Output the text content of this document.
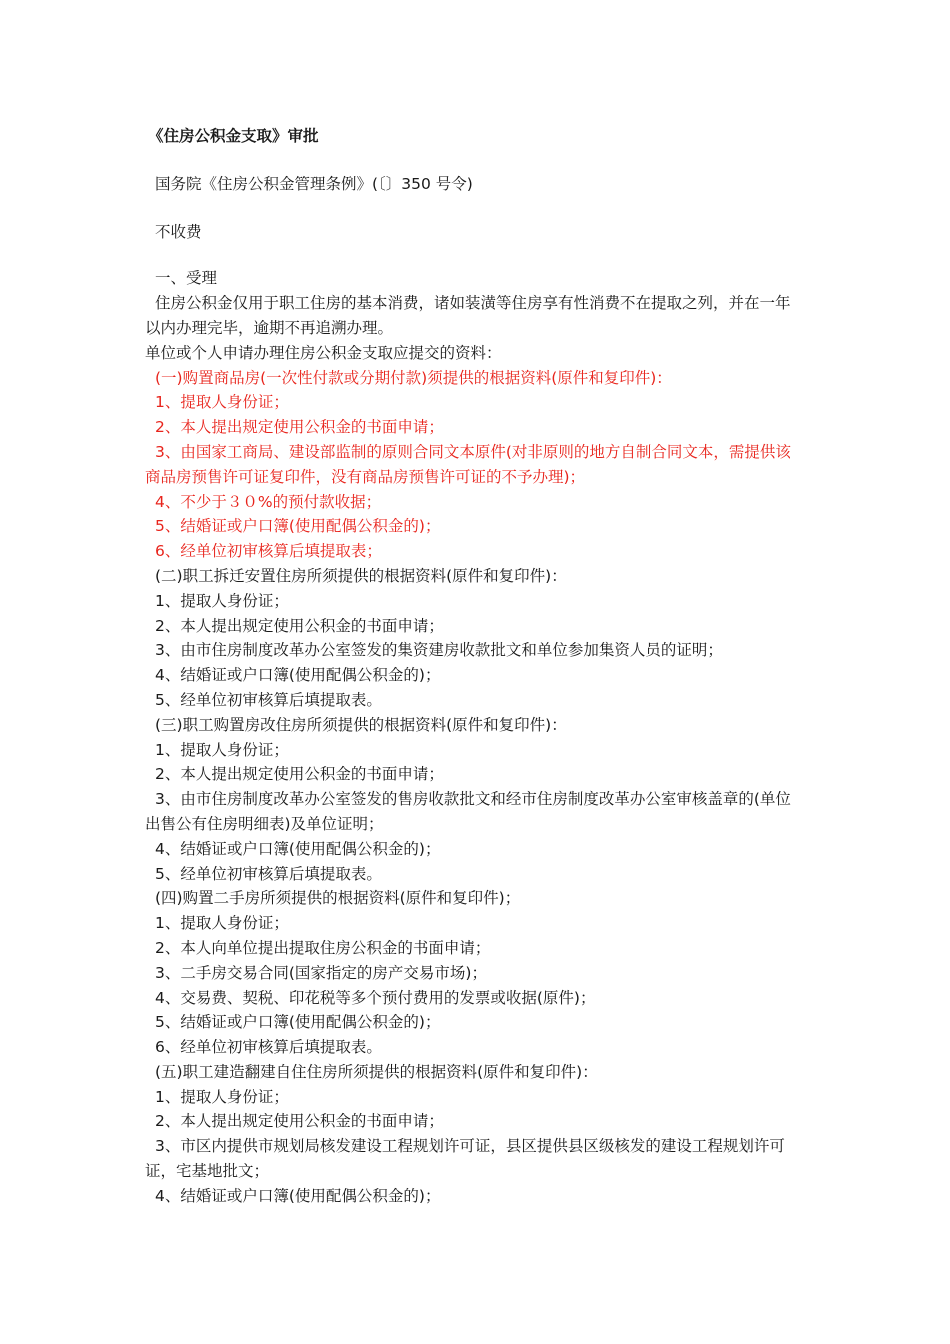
《住房公积金支取》审批
国务院《住房公积金管理条例》(〔〕350 号令)
不收费
一、受理
住房公积金仅用于职工住房的基本消费，诸如装潢等住房享有性消费不在提取之列，并在一年以内办理完毕，逾期不再追溯办理。
单位或个人申请办理住房公积金支取应提交的资料：
(一)购置商品房(一次性付款或分期付款)须提供的根据资料(原件和复印件)：
1、提取人身份证；
2、本人提出规定使用公积金的书面申请；
3、由国家工商局、建设部监制的原则合同文本原件(对非原则的地方自制合同文本，需提供该商品房预售许可证复印件，没有商品房预售许可证的不予办理)；
4、不少于３０%的预付款收据；
5、结婚证或户口簿(使用配偶公积金的)；
6、经单位初审核算后填提取表；
(二)职工拆迁安置住房所须提供的根据资料(原件和复印件)：
1、提取人身份证；
2、本人提出规定使用公积金的书面申请；
3、由市住房制度改革办公室签发的集资建房收款批文和单位参加集资人员的证明；
4、结婚证或户口簿(使用配偶公积金的)；
5、经单位初审核算后填提取表。
(三)职工购置房改住房所须提供的根据资料(原件和复印件)：
1、提取人身份证；
2、本人提出规定使用公积金的书面申请；
3、由市住房制度改革办公室签发的售房收款批文和经市住房制度改革办公室审核盖章的(单位出售公有住房明细表)及单位证明；
4、结婚证或户口簿(使用配偶公积金的)；
5、经单位初审核算后填提取表。
(四)购置二手房所须提供的根据资料(原件和复印件)；
1、提取人身份证；
2、本人向单位提出提取住房公积金的书面申请；
3、二手房交易合同(国家指定的房产交易市场)；
4、交易费、契税、印花税等多个预付费用的发票或收据(原件)；
5、结婚证或户口簿(使用配偶公积金的)；
6、经单位初审核算后填提取表。
(五)职工建造翻建自住住房所须提供的根据资料(原件和复印件)：
1、提取人身份证；
2、本人提出规定使用公积金的书面申请；
3、市区内提供市规划局核发建设工程规划许可证，县区提供县区级核发的建设工程规划许可证，宅基地批文；
4、结婚证或户口簿(使用配偶公积金的)；
